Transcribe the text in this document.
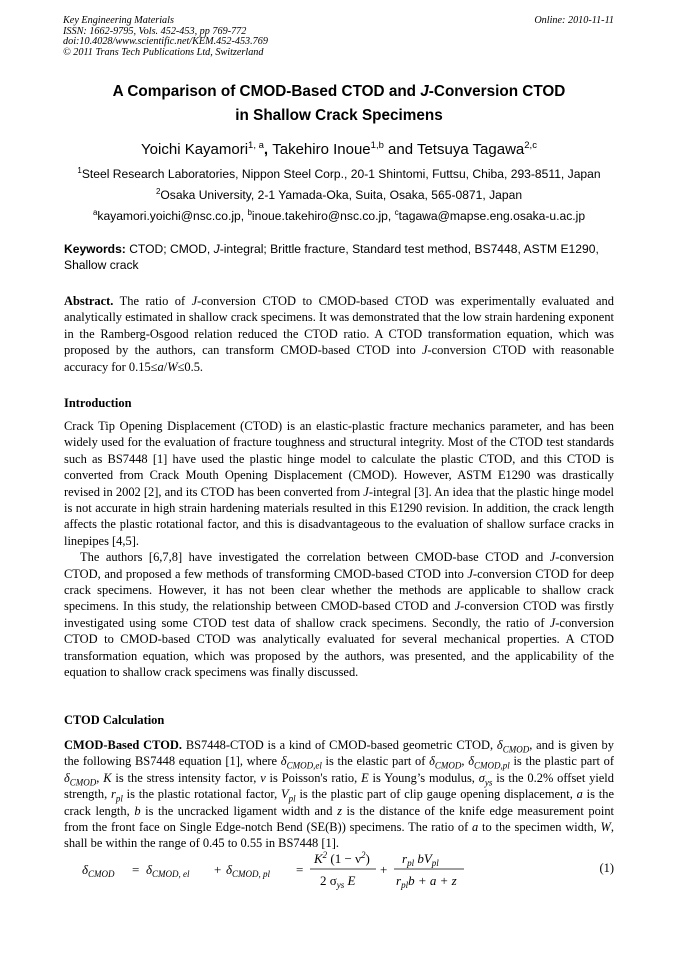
Key Engineering Materials
ISSN: 1662-9795, Vols. 452-453, pp 769-772
doi:10.4028/www.scientific.net/KEM.452-453.769
© 2011 Trans Tech Publications Ltd, Switzerland
Online: 2010-11-11
A Comparison of CMOD-Based CTOD and J-Conversion CTOD
in Shallow Crack Specimens
Yoichi Kayamori$^{1, a}$, Takehiro Inoue$^{1,b}$ and Tetsuya Tagawa$^{2,c}$
$^1$Steel Research Laboratories, Nippon Steel Corp., 20-1 Shintomi, Futtsu, Chiba, 293-8511, Japan
$^2$Osaka University, 2-1 Yamada-Oka, Suita, Osaka, 565-0871, Japan
$^a$kayamori.yoichi@nsc.co.jp, $^b$inoue.takehiro@nsc.co.jp, $^c$tagawa@mapse.eng.osaka-u.ac.jp
Keywords: CTOD; CMOD, J-integral; Brittle fracture, Standard test method, BS7448, ASTM E1290, Shallow crack

Abstract. The ratio of J-conversion CTOD to CMOD-based CTOD was experimentally evaluated and analytically estimated in shallow crack specimens. It was demonstrated that the low strain hardening exponent in the Ramberg-Osgood relation reduced the CTOD ratio. A CTOD transformation equation, which was proposed by the authors, can transform CMOD-based CTOD into J-conversion CTOD with reasonable accuracy for 0.15≤a/W≤0.5.

Introduction

Crack Tip Opening Displacement (CTOD) is an elastic-plastic fracture mechanics parameter, and has been widely used for the evaluation of fracture toughness and structural integrity. Most of the CTOD test standards such as BS7448 [1] have used the plastic hinge model to calculate the plastic CTOD, and this CTOD is converted from Crack Mouth Opening Displacement (CMOD). However, ASTM E1290 was drastically revised in 2002 [2], and its CTOD has been converted from J-integral [3]. An idea that the plastic hinge model is not accurate in high strain hardening materials resulted in this E1290 revision. In addition, the crack length affects the plastic rotational factor, and this is disadvantageous to the evaluation of shallow surface cracks in linepipes [4,5].

The authors [6,7,8] have investigated the correlation between CMOD-base CTOD and J-conversion CTOD, and proposed a few methods of transforming CMOD-based CTOD into J-conversion CTOD for deep crack specimens. However, it has not been clear whether the methods are applicable to shallow crack specimens. In this study, the relationship between CMOD-based CTOD and J-conversion CTOD was firstly investigated using some CTOD test data of shallow crack specimens. Secondly, the ratio of J-conversion CTOD to CMOD-based CTOD was analytically evaluated for several mechanical properties. A CTOD transformation equation, which was proposed by the authors, was presented, and the applicability of the equation to shallow crack specimens was finally discussed.

CTOD Calculation

CMOD-Based CTOD. BS7448-CTOD is a kind of CMOD-based geometric CTOD, $\delta_{CMOD}$, and is given by the following BS7448 equation [1], where $\delta_{CMOD,el}$ is the elastic part of $\delta_{CMOD}$, $\delta_{CMOD,pl}$ is the plastic part of $\delta_{CMOD}$, K is the stress intensity factor, ν is Poisson's ratio, E is Young’s modulus, $\sigma_{ys}$ is the 0.2% offset yield strength, $r_{pl}$ is the plastic rotational factor, $V_{pl}$ is the plastic part of clip gauge opening displacement, a is the crack length, b is the uncracked ligament width and z is the distance of the knife edge measurement point from the front face on Single Edge-notch Bend (SE(B)) specimens. The ratio of a to the specimen width, W, shall be within the range of 0.45 to 0.55 in BS7448 [1].

$\delta_{CMOD} = \delta_{CMOD, el} + \delta_{CMOD, pl}$ =
$K^2$ $(1 - \nu^2)$
2 $\sigma_{ys}$ E
+
$r_{pl}$ $bV_{pl}$
$r_{pl}b + a + z$
(1)
